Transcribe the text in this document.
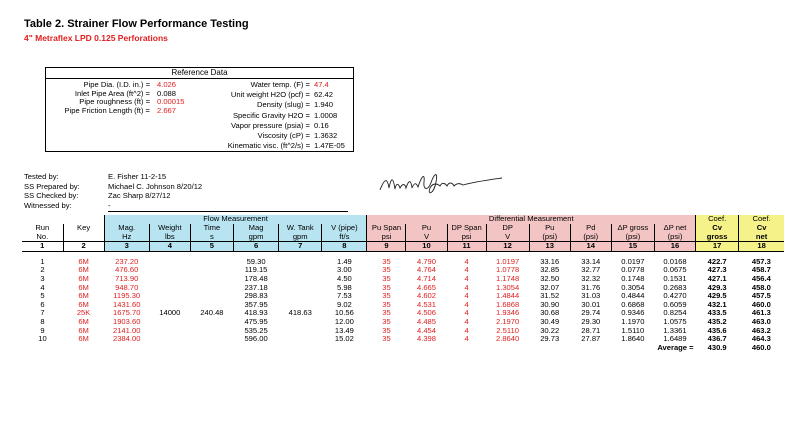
Table 2. Strainer Flow Performance Testing
4" Metraflex LPD 0.125 Perforations
Reference Data
Pipe Dia. (I.D. in.) = 4.026
Inlet Pipe Area (ft^2) = 0.088
Pipe roughness (ft) = 0.00015
Pipe Friction Length (ft) = 2.667
Water temp. (F) = 47.4
Unit weight H2O (pcf) = 62.42
Density (slug) = 1.940
Specific Gravity H2O = 1.0008
Vapor pressure (psia) = 0.16
Viscosity (cP) = 1.3632
Kinematic visc. (ft^2/s) = 1.47E-05
Tested by:	E. Fisher 11-2-15
SS Prepared by:	Michael C. Johnson 8/20/12
SS Checked by:	Zac Sharp 8/27/12
Witnessed by:	-
		Flow Measurement						Differential Measurement								Coef.	Coef.
Run	Key	Mag.	Weight	Time	Mag	W. Tank	V (pipe)	Pu Span	Pu	DP Span	DP	Pu	Pd	ΔP gross	ΔP net	Cv	Cv
No.		Hz	lbs	s	gpm	gpm	ft/s	psi	V	psi	V	(psi)	(psi)	(psi)	(psi)	gross	net
1	2	3	4	5	6	7	8	9	10	11	12	13	14	15	16	17	18

1	6M	237.20			59.30		1.49	35	4.790	4	1.0197	33.16	33.14	0.0197	0.0168	422.7	457.3
2	6M	476.60			119.15		3.00	35	4.764	4	1.0778	32.85	32.77	0.0778	0.0675	427.3	458.7
3	6M	713.90			178.48		4.50	35	4.714	4	1.1748	32.50	32.32	0.1748	0.1531	427.1	456.4
4	6M	948.70			237.18		5.98	35	4.665	4	1.3054	32.07	31.76	0.3054	0.2683	429.3	458.0
5	6M	1195.30			298.83		7.53	35	4.602	4	1.4844	31.52	31.03	0.4844	0.4270	429.5	457.5
6	6M	1431.60			357.95		9.02	35	4.531	4	1.6868	30.90	30.01	0.6868	0.6059	432.1	460.0
7	25K	1675.70	14000	240.48	418.93	418.63	10.56	35	4.506	4	1.9346	30.68	29.74	0.9346	0.8254	433.5	461.3
8	6M	1903.60			475.95		12.00	35	4.485	4	2.1970	30.49	29.30	1.1970	1.0575	435.2	463.0
9	6M	2141.00			535.25		13.49	35	4.454	4	2.5110	30.22	28.71	1.5110	1.3361	435.6	463.2
10	6M	2384.00			596.00		15.02	35	4.398	4	2.8640	29.73	27.87	1.8640	1.6489	436.7	464.3
Average =																430.9	460.0
